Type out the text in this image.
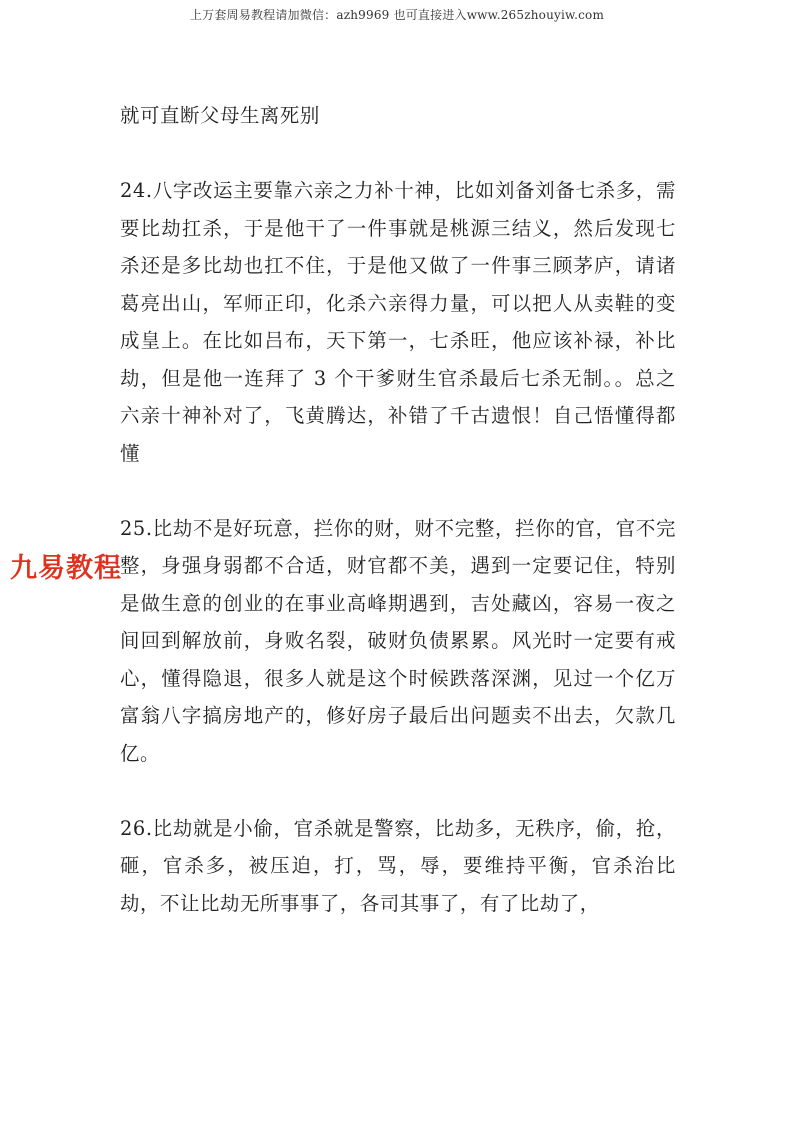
上万套周易教程请加微信：azh9969 也可直接进入www.265zhouyiw.com

就可直断父母生离死别

24.八字改运主要靠六亲之力补十神，比如刘备刘备七杀多，需要比劫扛杀，于是他干了一件事就是桃源三结义，然后发现七杀还是多比劫也扛不住，于是他又做了一件事三顾茅庐，请诸葛亮出山，军师正印，化杀六亲得力量，可以把人从卖鞋的变成皇上。在比如吕布，天下第一，七杀旺，他应该补禄，补比劫，但是他一连拜了 3 个干爹财生官杀最后七杀无制。。总之六亲十神补对了，飞黄腾达，补错了千古遗恨！自己悟懂得都懂

25.比劫不是好玩意，拦你的财，财不完整，拦你的官，官不完整，身强身弱都不合适，财官都不美，遇到一定要记住，特别是做生意的创业的在事业高峰期遇到，吉处藏凶，容易一夜之间回到解放前，身败名裂，破财负债累累。风光时一定要有戒心，懂得隐退，很多人就是这个时候跌落深渊，见过一个亿万富翁八字搞房地产的，修好房子最后出问题卖不出去，欠款几亿。

26.比劫就是小偷，官杀就是警察，比劫多，无秩序，偷，抢，砸，官杀多，被压迫，打，骂，辱，要维持平衡，官杀治比劫，不让比劫无所事事了，各司其事了，有了比劫了，

九易教程
